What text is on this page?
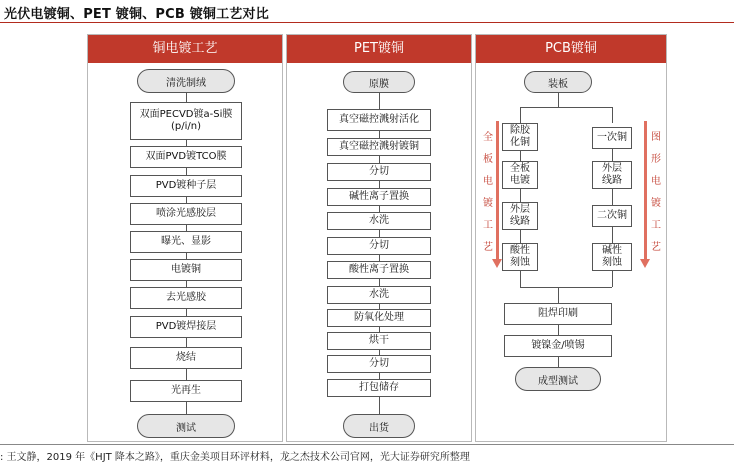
光伏电镀铜、PET 镀铜、PCB 镀铜工艺对比
铜电镀工艺
清洗制绒
双面PECVD镀a-Si膜
(p/i/n)
双面PVD镀TCO膜
PVD镀种子层
喷涂光感胶层
曝光、显影
电镀铜
去光感胶
PVD镀焊接层
烧结
光再生
测试
PET镀铜
原膜
真空磁控溅射活化
真空磁控溅射镀铜
分切
碱性离子置换
水洗
分切
酸性离子置换
水洗
防氧化处理
烘干
分切
打包储存
出货
PCB镀铜
装板
除胶
化铜
全板
电镀
外层
线路
酸性
刻蚀
一次铜
外层
线路
二次铜
碱性
刻蚀
阻焊印刷
镀镍金/喷锡
成型测试
全
板
电
镀
工
艺
图
形
电
镀
工
艺
: 王文静，2019 年《HJT 降本之路》，重庆金美项目环评材料，龙之杰技术公司官网，光大证券研究所整理
